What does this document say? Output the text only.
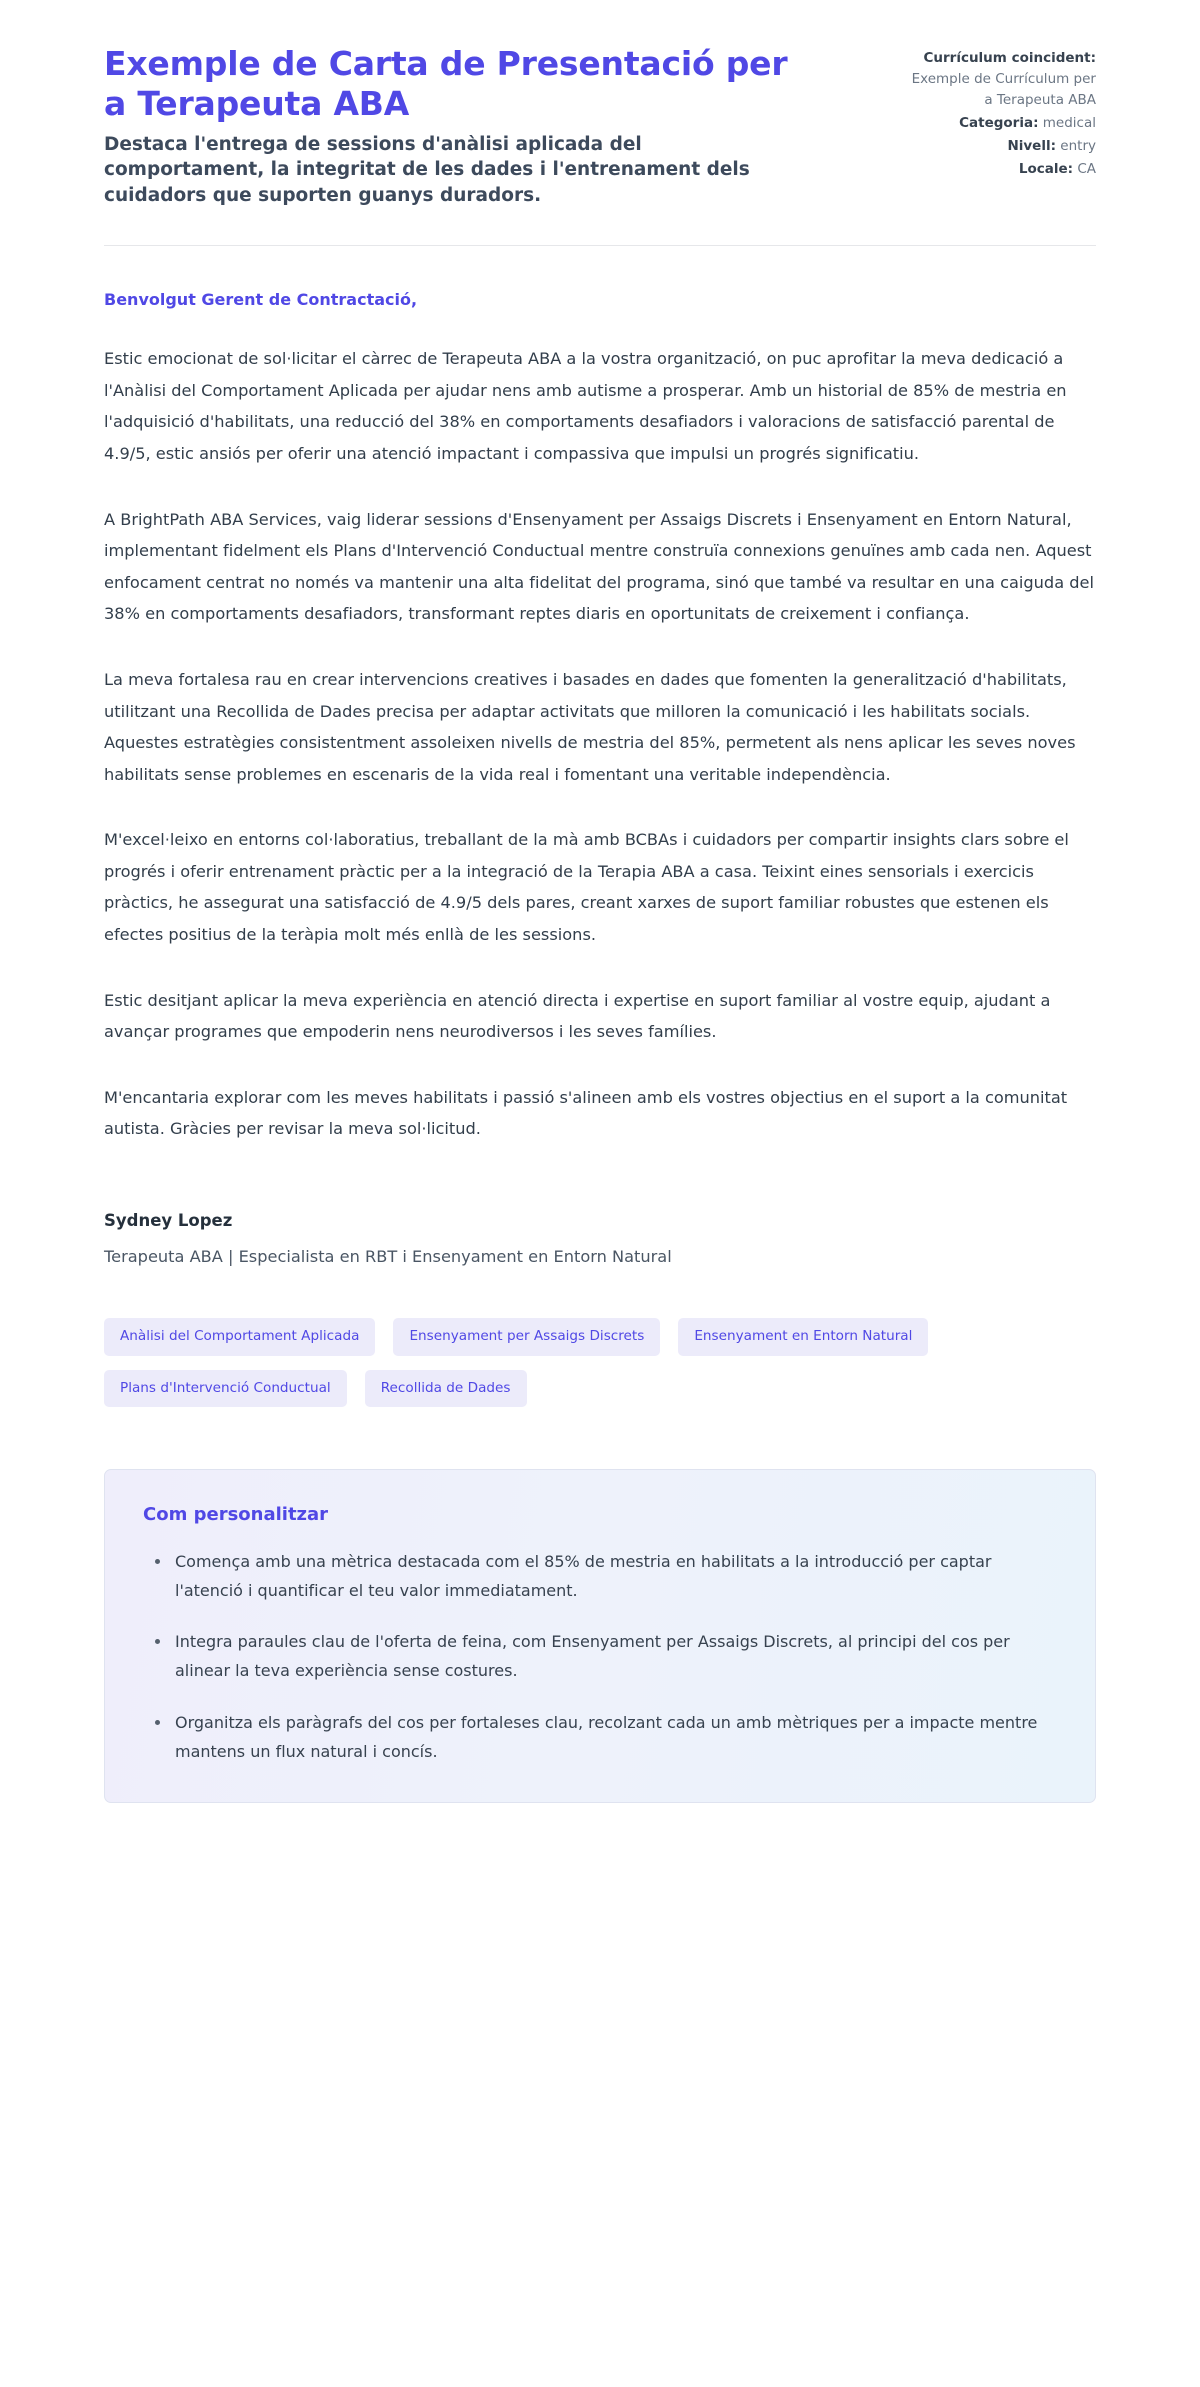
Exemple de Carta de Presentació per a Terapeuta ABA

Destaca l'entrega de sessions d'anàlisi aplicada del comportament, la integritat de les dades i l'entrenament dels cuidadors que suporten guanys duradors.

Currículum coincident: Exemple de Currículum per a Terapeuta ABA
Categoria: medical
Nivell: entry
Locale: CA

Benvolgut Gerent de Contractació,

Estic emocionat de sol·licitar el càrrec de Terapeuta ABA a la vostra organització, on puc aprofitar la meva dedicació a l'Anàlisi del Comportament Aplicada per ajudar nens amb autisme a prosperar. Amb un historial de 85% de mestria en l'adquisició d'habilitats, una reducció del 38% en comportaments desafiadors i valoracions de satisfacció parental de 4.9/5, estic ansiós per oferir una atenció impactant i compassiva que impulsi un progrés significatiu.

A BrightPath ABA Services, vaig liderar sessions d'Ensenyament per Assaigs Discrets i Ensenyament en Entorn Natural, implementant fidelment els Plans d'Intervenció Conductual mentre construïa connexions genuïnes amb cada nen. Aquest enfocament centrat no només va mantenir una alta fidelitat del programa, sinó que també va resultar en una caiguda del 38% en comportaments desafiadors, transformant reptes diaris en oportunitats de creixement i confiança.

La meva fortalesa rau en crear intervencions creatives i basades en dades que fomenten la generalització d'habilitats, utilitzant una Recollida de Dades precisa per adaptar activitats que milloren la comunicació i les habilitats socials. Aquestes estratègies consistentment assoleixen nivells de mestria del 85%, permetent als nens aplicar les seves noves habilitats sense problemes en escenaris de la vida real i fomentant una veritable independència.

M'excel·leixo en entorns col·laboratius, treballant de la mà amb BCBAs i cuidadors per compartir insights clars sobre el progrés i oferir entrenament pràctic per a la integració de la Terapia ABA a casa. Teixint eines sensorials i exercicis pràctics, he assegurat una satisfacció de 4.9/5 dels pares, creant xarxes de suport familiar robustes que estenen els efectes positius de la teràpia molt més enllà de les sessions.

Estic desitjant aplicar la meva experiència en atenció directa i expertise en suport familiar al vostre equip, ajudant a avançar programes que empoderin nens neurodiversos i les seves famílies.

M'encantaria explorar com les meves habilitats i passió s'alineen amb els vostres objectius en el suport a la comunitat autista. Gràcies per revisar la meva sol·licitud.

Sydney Lopez

Terapeuta ABA | Especialista en RBT i Ensenyament en Entorn Natural

Anàlisi del Comportament Aplicada	Ensenyament per Assaigs Discrets	Ensenyament en Entorn Natural
Plans d'Intervenció Conductual	Recollida de Dades

Com personalitzar

Comença amb una mètrica destacada com el 85% de mestria en habilitats a la introducció per captar l'atenció i quantificar el teu valor immediatament.
Integra paraules clau de l'oferta de feina, com Ensenyament per Assaigs Discrets, al principi del cos per alinear la teva experiència sense costures.
Organitza els paràgrafs del cos per fortaleses clau, recolzant cada un amb mètriques per a impacte mentre mantens un flux natural i concís.
